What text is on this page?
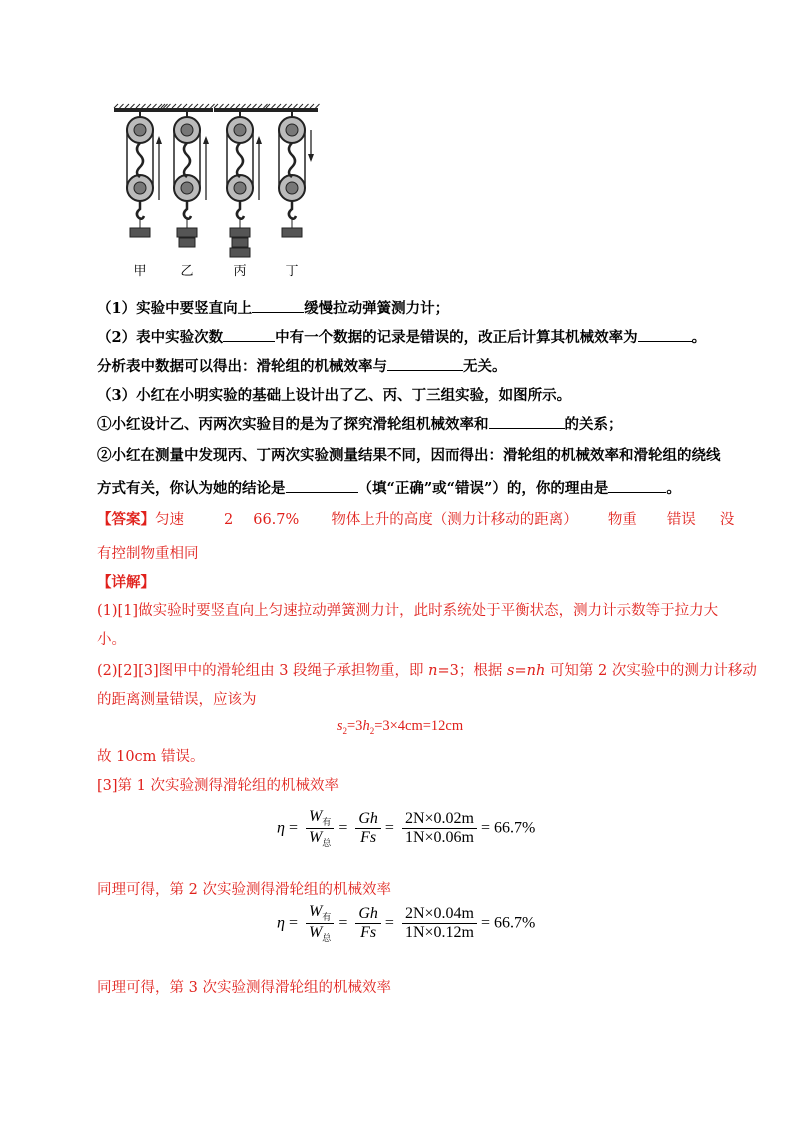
甲	乙	丙	丁
（1）实验中要竖直向上	缓慢拉动弹簧测力计；
（2）表中实验次数	中有一个数据的记录是错误的，改正后计算其机械效率为	。
分析表中数据可以得出：滑轮组的机械效率与	无关。
（3）小红在小明实验的基础上设计出了乙、丙、丁三组实验，如图所示。
①小红设计乙、丙两次实验目的是为了探究滑轮组机械效率和	的关系；
②小红在测量中发现丙、丁两次实验测量结果不同，因而得出：滑轮组的机械效率和滑轮组的绕线
方式有关，你认为她的结论是	（填“正确”或“错误”）的，你的理由是	。
【答案】匀速	2 66.7% 物体上升的高度（测力计移动的距离） 物重 错误 没
有控制物重相同
【详解】
(1)[1]做实验时要竖直向上匀速拉动弹簧测力计，此时系统处于平衡状态，测力计示数等于拉力大
小。
(2)[2][3]图甲中的滑轮组由 3 段绳子承担物重，即 n=3；根据 s=nh 可知第 2 次实验中的测力计移动
的距离测量错误，应该为
$s_2=3h_2=3\times 4cm=12cm$
故 10cm 错误。
[3]第 1 次实验测得滑轮组的机械效率
$\eta = \frac{W_有}{W_总} = \frac{Gh}{Fs} = \frac{2N\times 0.02m}{1N\times 0.06m} = 66.7\%$
同理可得，第 2 次实验测得滑轮组的机械效率
$\eta = \frac{W_有}{W_总} = \frac{Gh}{Fs} = \frac{2N\times 0.04m}{1N\times 0.12m} = 66.7\%$
同理可得，第 3 次实验测得滑轮组的机械效率
